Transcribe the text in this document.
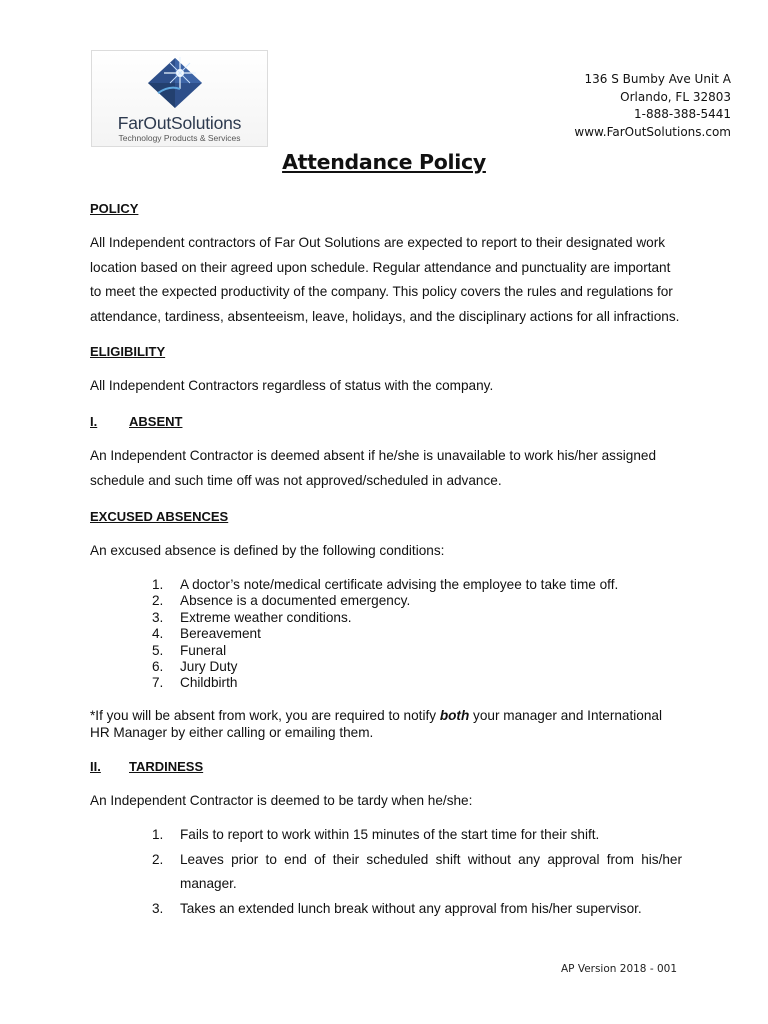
FarOutSolutions
Technology Products & Services
136 S Bumby Ave Unit A
Orlando, FL 32803
1-888-388-5441
www.FarOutSolutions.com
Attendance Policy
POLICY

All Independent contractors of Far Out Solutions are expected to report to their designated work location based on their agreed upon schedule. Regular attendance and punctuality are important to meet the expected productivity of the company. This policy covers the rules and regulations for attendance, tardiness, absenteeism, leave, holidays, and the disciplinary actions for all infractions.

ELIGIBILITY

All Independent Contractors regardless of status with the company.

I. ABSENT

An Independent Contractor is deemed absent if he/she is unavailable to work his/her assigned schedule and such time off was not approved/scheduled in advance.

EXCUSED ABSENCES

An excused absence is defined by the following conditions:

1.	A doctor’s note/medical certificate advising the employee to take time off.
2.	Absence is a documented emergency.
3.	Extreme weather conditions.
4.	Bereavement
5.	Funeral
6.	Jury Duty
7.	Childbirth

*If you will be absent from work, you are required to notify both your manager and International HR Manager by either calling or emailing them.

II. TARDINESS

An Independent Contractor is deemed to be tardy when he/she:

1.	Fails to report to work within 15 minutes of the start time for their shift.
2.	Leaves prior to end of their scheduled shift without any approval from his/her manager.
3.	Takes an extended lunch break without any approval from his/her supervisor.
AP Version 2018 - 001
